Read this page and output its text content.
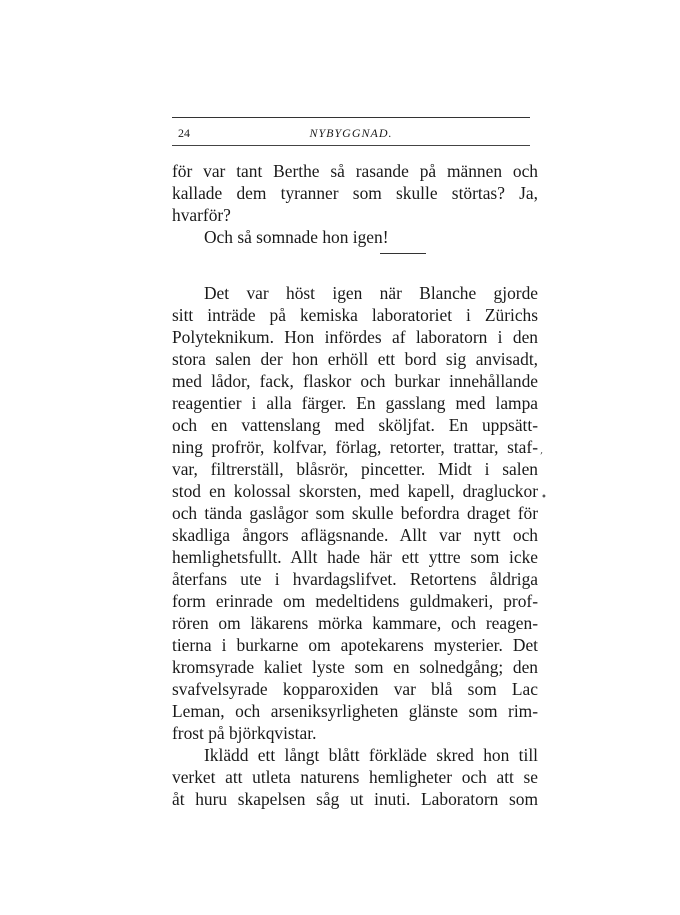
24	NYBYGGNAD.
för var tant Berthe så rasande på männen och
kallade dem tyranner som skulle störtas? Ja,
hvarför?
Och så somnade hon igen!
Det var höst igen när Blanche gjorde
sitt inträde på kemiska laboratoriet i Zürichs
Polyteknikum. Hon infördes af laboratorn i den
stora salen der hon erhöll ett bord sig anvisadt,
med lådor, fack, flaskor och burkar innehållande
reagentier i alla färger. En gasslang med lampa
och en vattenslang med sköljfat. En uppsätt-
ning profrör, kolfvar, förlag, retorter, trattar, staf-
var, filtrerställ, blåsrör, pincetter. Midt i salen
stod en kolossal skorsten, med kapell, dragluckor
och tända gaslågor som skulle befordra draget för
skadliga ångors aflägsnande. Allt var nytt och
hemlighetsfullt. Allt hade här ett yttre som icke
återfans ute i hvardagslifvet. Retortens åldriga
form erinrade om medeltidens guldmakeri, prof-
rören om läkarens mörka kammare, och reagen-
tierna i burkarne om apotekarens mysterier. Det
kromsyrade kaliet lyste som en solnedgång; den
svafvelsyrade kopparoxiden var blå som Lac
Leman, och arseniksyrligheten glänste som rim-
frost på björkqvistar.
Iklädd ett långt blått förkläde skred hon till
verket att utleta naturens hemligheter och att se
åt huru skapelsen såg ut inuti. Laboratorn som
,
•
